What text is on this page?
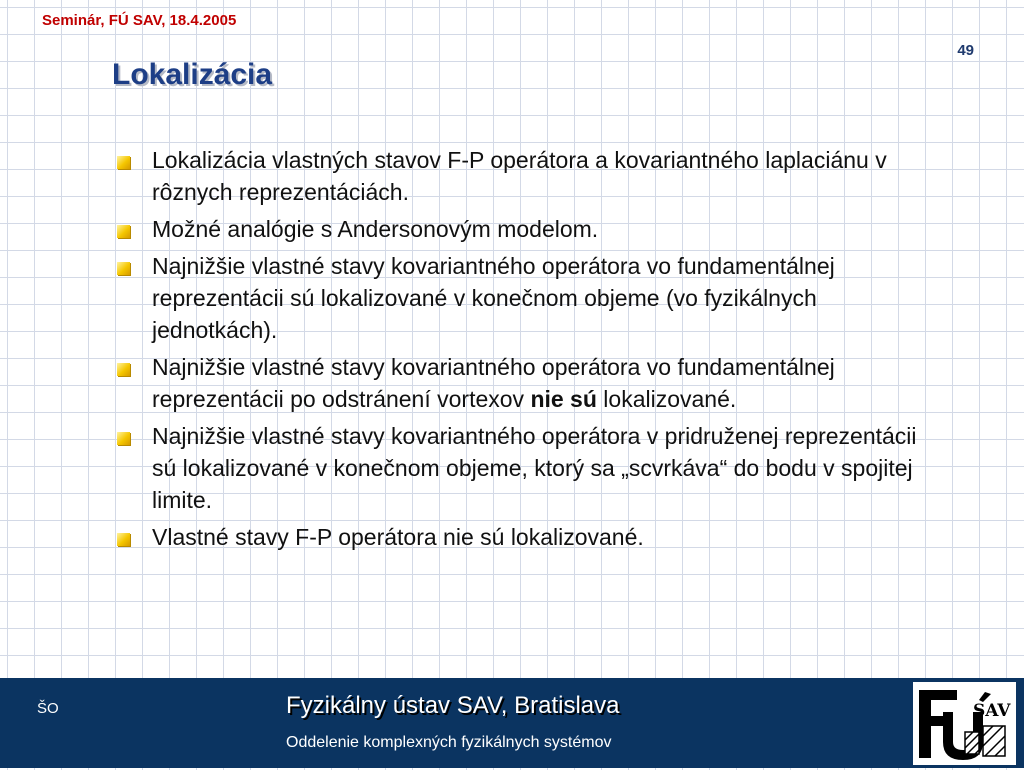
Seminár, FÚ SAV, 18.4.2005
49
Lokalizácia
Lokalizácia vlastných stavov F-P operátora a kovariantného laplaciánu v rôznych reprezentáciách.
Možné analógie s Andersonovým modelom.
Najnižšie vlastné stavy kovariantného operátora vo fundamentálnej reprezentácii sú lokalizované v konečnom objeme (vo fyzikálnych jednotkách).
Najnižšie vlastné stavy kovariantného operátora vo fundamentálnej reprezentácii po odstránení vortexov nie sú lokalizované.
Najnižšie vlastné stavy kovariantného operátora v pridruženej reprezentácii sú lokalizované v konečnom objeme, ktorý sa „scvrkáva“ do bodu v spojitej limite.
Vlastné stavy F-P operátora nie sú lokalizované.
ŠO	Fyzikálny ústav SAV, Bratislava
Oddelenie komplexných fyzikálnych systémov
SAV
